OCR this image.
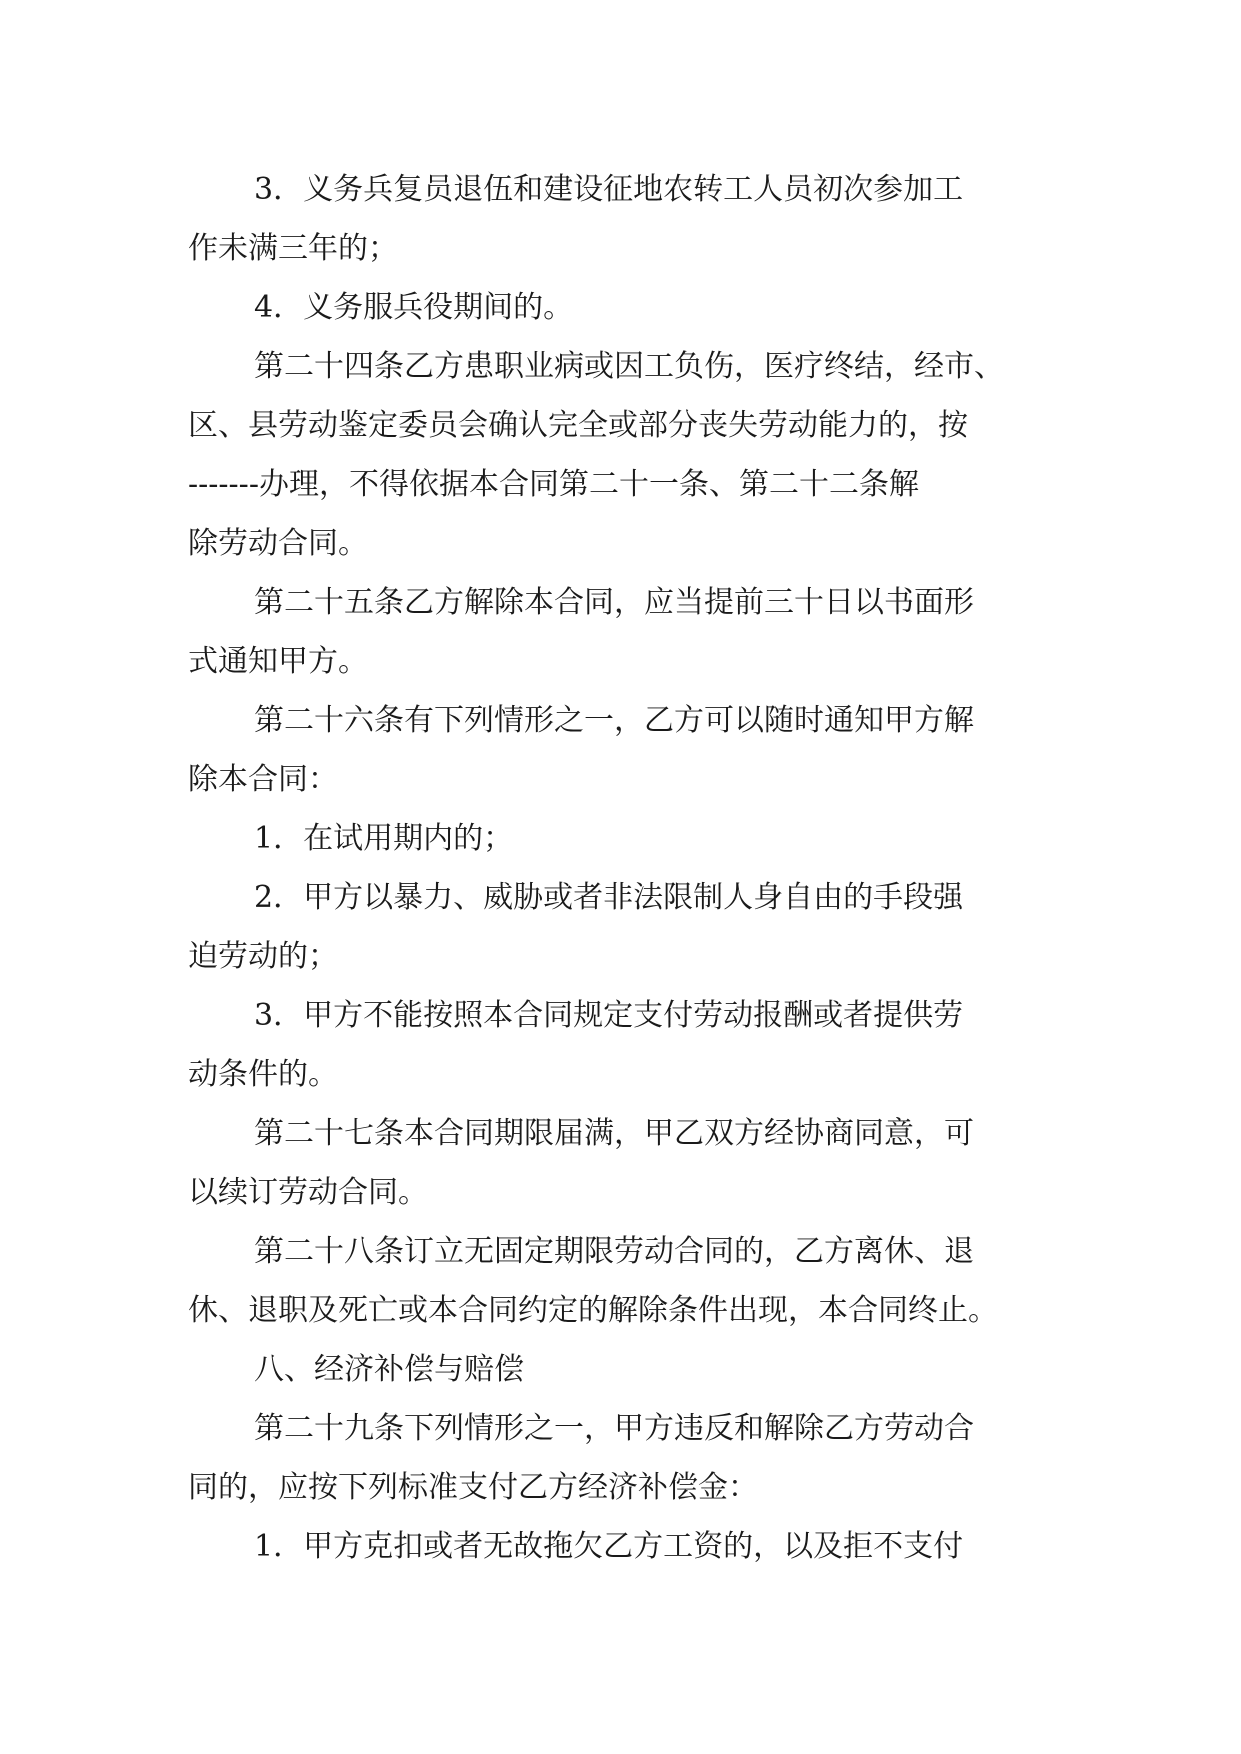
3．义务兵复员退伍和建设征地农转工人员初次参加工
作未满三年的；
4．义务服兵役期间的。
第二十四条乙方患职业病或因工负伤，医疗终结，经市、
区、县劳动鉴定委员会确认完全或部分丧失劳动能力的，按
-------办理，不得依据本合同第二十一条、第二十二条解
除劳动合同。
第二十五条乙方解除本合同，应当提前三十日以书面形
式通知甲方。
第二十六条有下列情形之一，乙方可以随时通知甲方解
除本合同：
1．在试用期内的；
2．甲方以暴力、威胁或者非法限制人身自由的手段强
迫劳动的；
3．甲方不能按照本合同规定支付劳动报酬或者提供劳
动条件的。
第二十七条本合同期限届满，甲乙双方经协商同意，可
以续订劳动合同。
第二十八条订立无固定期限劳动合同的，乙方离休、退
休、退职及死亡或本合同约定的解除条件出现，本合同终止。
八、经济补偿与赔偿
第二十九条下列情形之一，甲方违反和解除乙方劳动合
同的，应按下列标准支付乙方经济补偿金：
1．甲方克扣或者无故拖欠乙方工资的，以及拒不支付
